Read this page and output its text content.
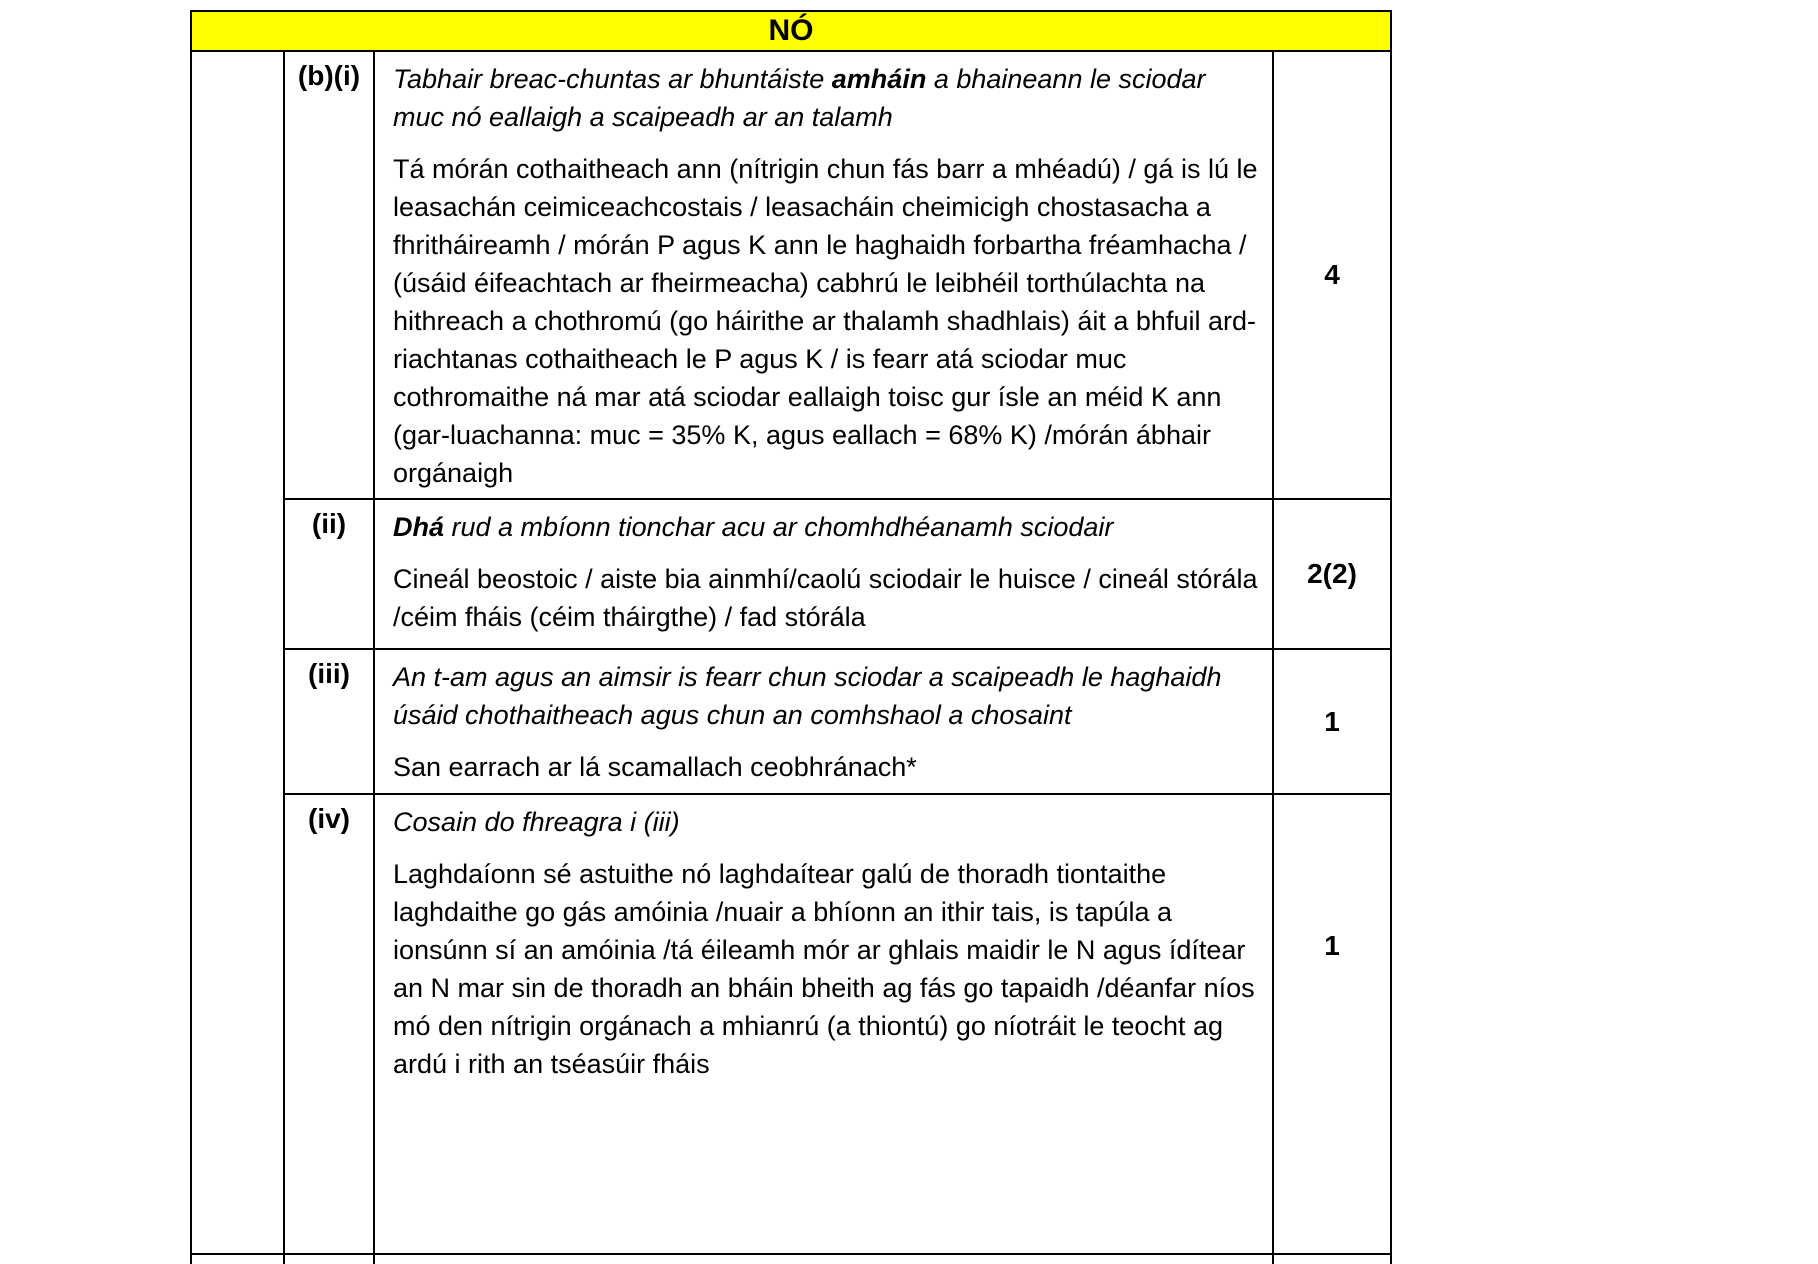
NÓ			
	(b)(i)	Tabhair breac-chuntas ar bhuntáiste amháin a bhaineann le sciodar muc nó eallaigh a scaipeadh ar an talamh

Tá mórán cothaitheach ann (nítrigin chun fás barr a mhéadú) / gá is lú le leasachán ceimiceachcostais / leasacháin cheimicigh chostasacha a fhritháireamh / mórán P agus K ann le haghaidh forbartha fréamhacha / (úsáid éifeachtach ar fheirmeacha) cabhrú le leibhéil torthúlachta na hithreach a chothromú (go háirithe ar thalamh shadhlais) áit a bhfuil ard-riachtanas cothaitheach le P agus K / is fearr atá sciodar muc cothromaithe ná mar atá sciodar eallaigh toisc gur ísle an méid K ann (gar-luachanna: muc = 35% K, agus eallach = 68% K) /mórán ábhair orgánaigh	4
	(ii)	Dhá rud a mbíonn tionchar acu ar chomhdhéanamh sciodair

Cineál beostoic / aiste bia ainmhí/caolú sciodair le huisce / cineál stórála /céim fháis (céim tháirgthe) / fad stórála	2(2)
	(iii)	An t-am agus an aimsir is fearr chun sciodar a scaipeadh le haghaidh úsáid chothaitheach agus chun an comhshaol a chosaint

San earrach ar lá scamallach ceobhránach*	1
	(iv)	Cosain do fhreagra i (iii)

Laghdaíonn sé astuithe nó laghdaítear galú de thoradh tiontaithe laghdaithe go gás amóinia /nuair a bhíonn an ithir tais, is tapúla a ionsúnn sí an amóinia /tá éileamh mór ar ghlais maidir le N agus ídítear an N mar sin de thoradh an bháin bheith ag fás go tapaidh /déanfar níos mó den nítrigin orgánach a mhianrú (a thiontú) go níotráit le teocht ag ardú i rith an tséasúir fháis	1
